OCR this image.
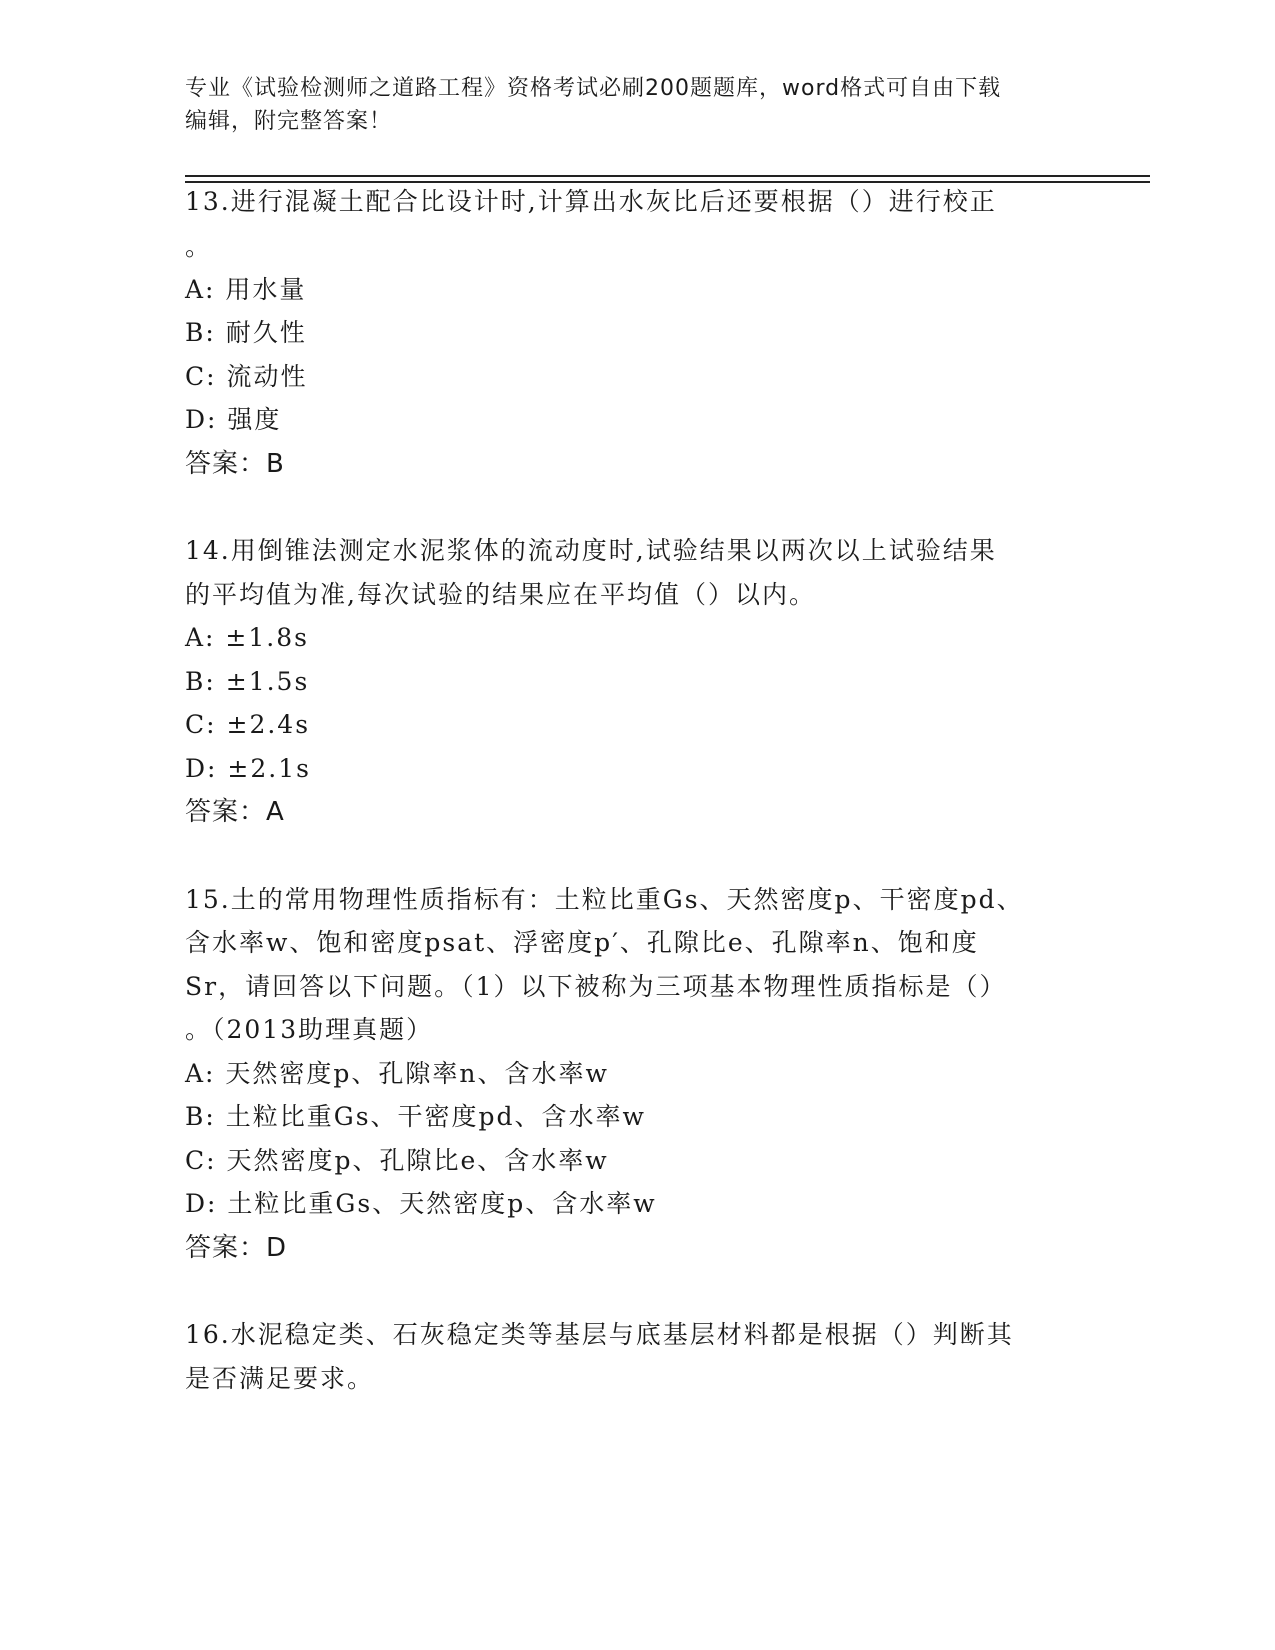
专业《试验检测师之道路工程》资格考试必刷200题题库，word格式可自由下载
编辑，附完整答案！
13.进行混凝土配合比设计时,计算出水灰比后还要根据（）进行校正
。
A: 用水量
B: 耐久性
C: 流动性
D: 强度
答案：B
14.用倒锥法测定水泥浆体的流动度时,试验结果以两次以上试验结果
的平均值为准,每次试验的结果应在平均值（）以内。
A: ±1.8s
B: ±1.5s
C: ±2.4s
D: ±2.1s
答案：A
15.土的常用物理性质指标有：土粒比重Gs、天然密度p、干密度pd、
含水率w、饱和密度psat、浮密度p′、孔隙比e、孔隙率n、饱和度
Sr，请回答以下问题。（1）以下被称为三项基本物理性质指标是（）
。（2013助理真题）
A: 天然密度p、孔隙率n、含水率w
B: 土粒比重Gs、干密度pd、含水率w
C: 天然密度p、孔隙比e、含水率w
D: 土粒比重Gs、天然密度p、含水率w
答案：D
16.水泥稳定类、石灰稳定类等基层与底基层材料都是根据（）判断其
是否满足要求。
